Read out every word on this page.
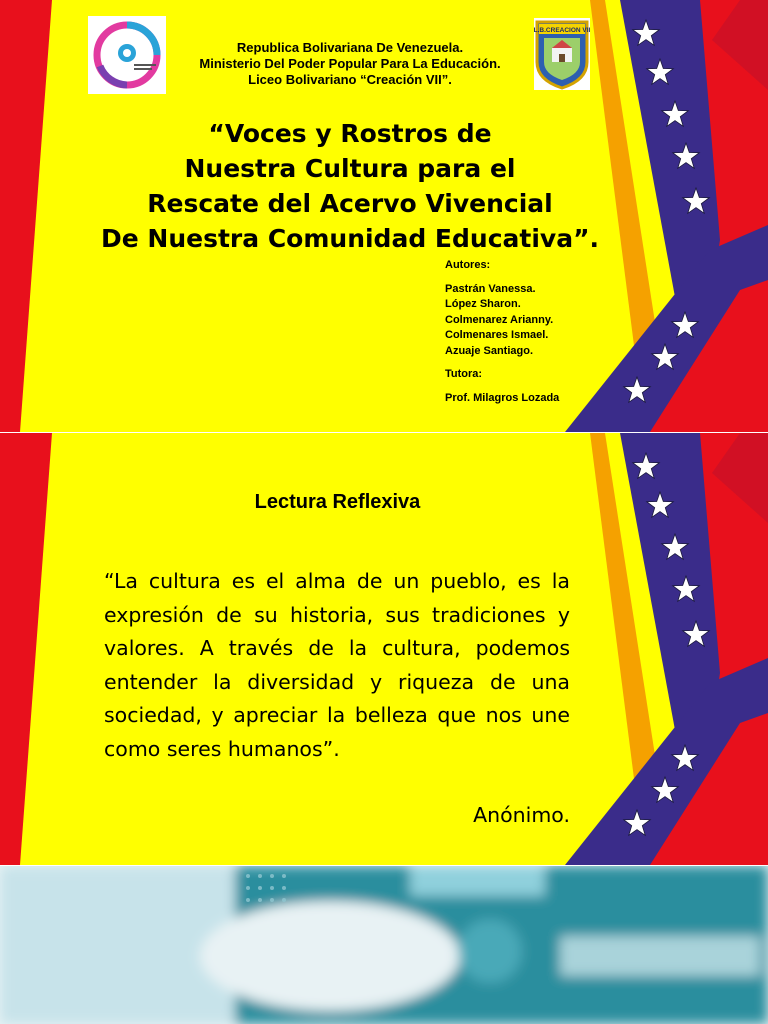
L.B.CREACION VII
Republica Bolivariana De Venezuela.
Ministerio Del Poder Popular Para La Educación.
Liceo Bolivariano “Creación VII”.
“Voces y Rostros de
Nuestra Cultura para el
Rescate del Acervo Vivencial
De Nuestra Comunidad Educativa”.
Autores:
Pastrán Vanessa.
López Sharon.
Colmenarez Arianny.
Colmenares Ismael.
Azuaje Santiago.
Tutora:
Prof. Milagros Lozada
Lectura Reflexiva
“La cultura es el alma de un pueblo, es la expresión de su historia, sus tradiciones y valores. A través de la cultura, podemos entender la diversidad y riqueza de una sociedad, y apreciar la belleza que nos une como seres humanos”.
Anónimo.
